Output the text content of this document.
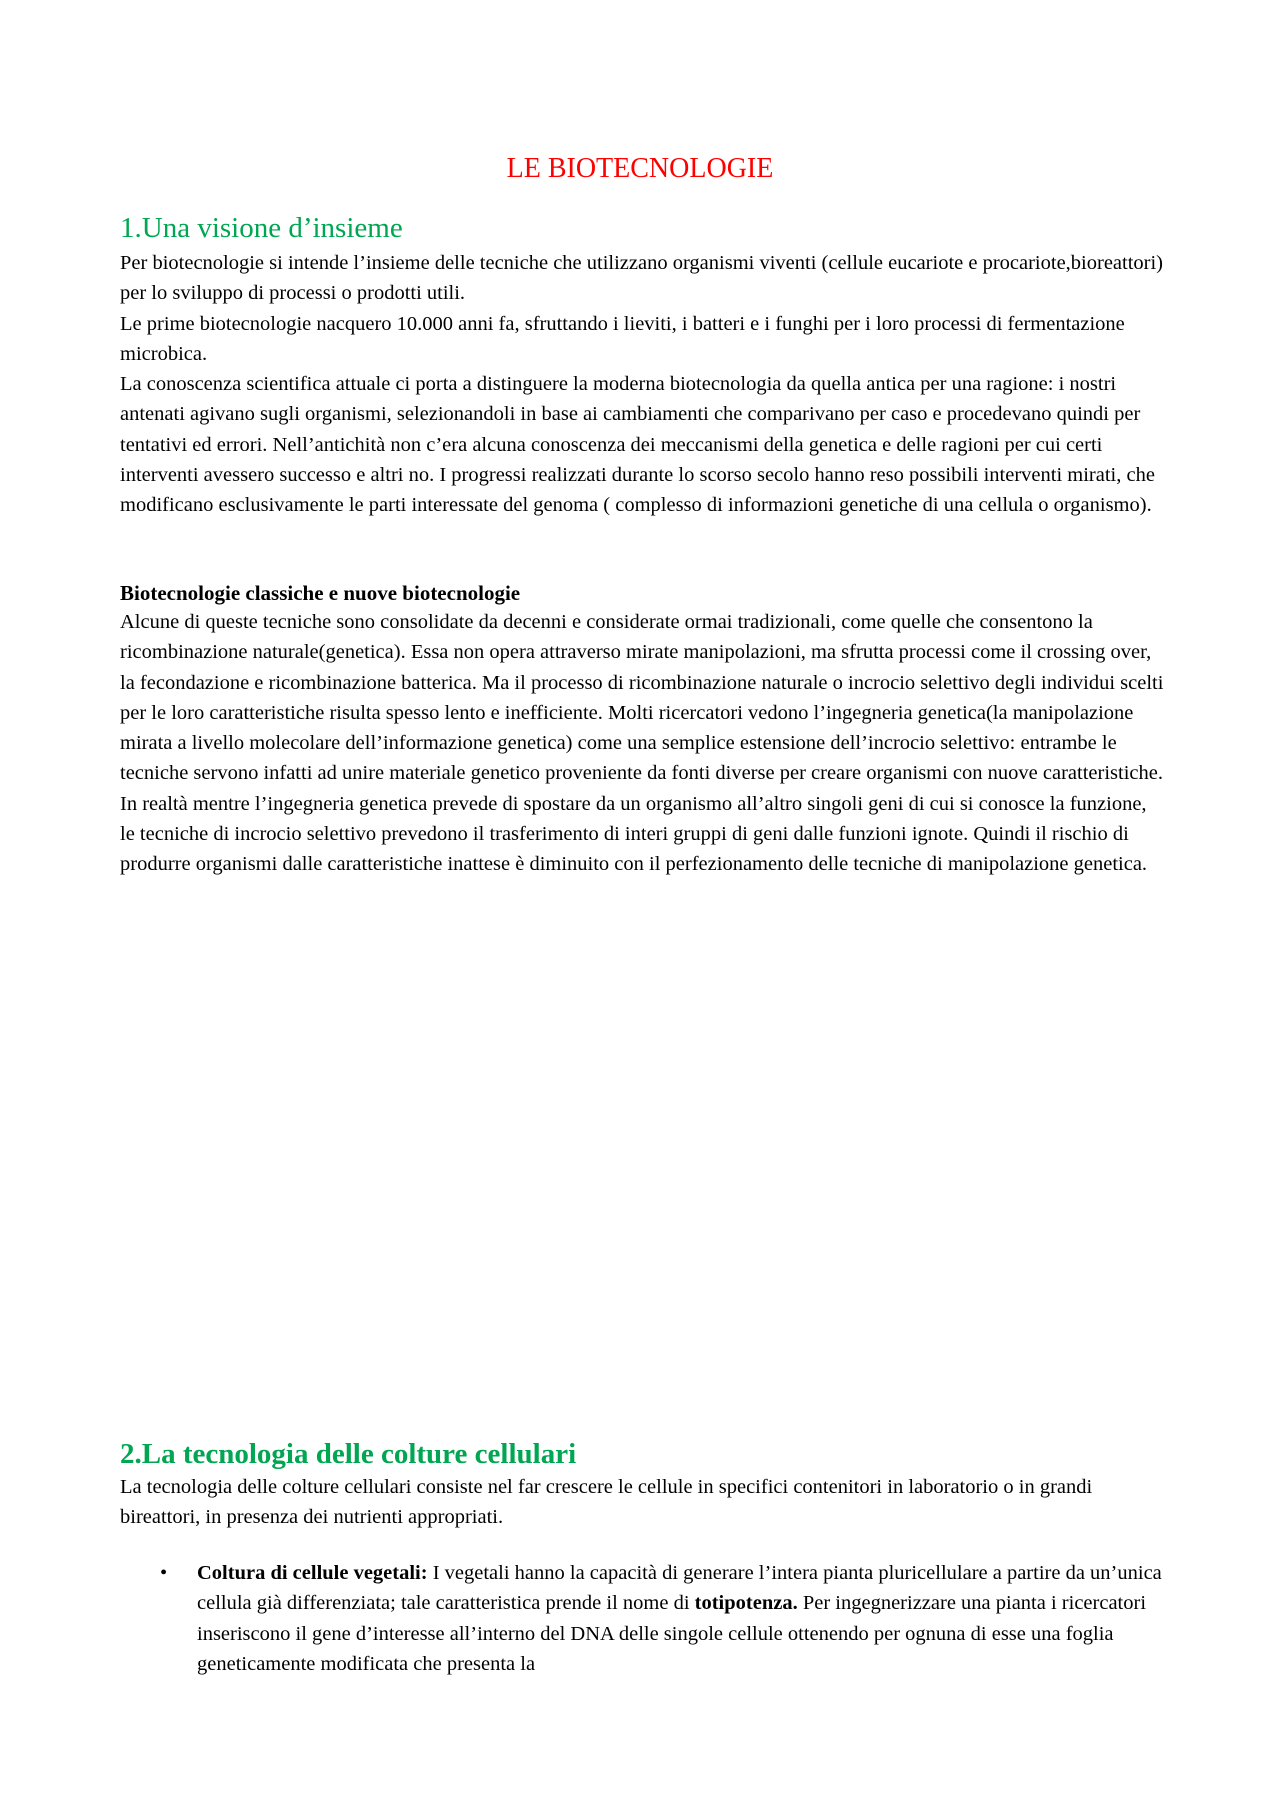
LE BIOTECNOLOGIE
1.Una visione d’insieme

Per biotecnologie si intende l’insieme delle tecniche che utilizzano organismi viventi (cellule eucariote e procariote,bioreattori) per lo sviluppo di processi o prodotti utili.

Le prime biotecnologie nacquero 10.000 anni fa, sfruttando i lieviti, i batteri e i funghi per i loro processi di fermentazione microbica.

La conoscenza scientifica attuale ci porta a distinguere la moderna biotecnologia da quella antica per una ragione: i nostri antenati agivano sugli organismi, selezionandoli in base ai cambiamenti che comparivano per caso e procedevano quindi per tentativi ed errori. Nell’antichità non c’era alcuna conoscenza dei meccanismi della genetica e delle ragioni per cui certi interventi avessero successo e altri no. I progressi realizzati durante lo scorso secolo hanno reso possibili interventi mirati, che modificano esclusivamente le parti interessate del genoma ( complesso di informazioni genetiche di una cellula o organismo).

Biotecnologie classiche e nuove biotecnologie

Alcune di queste tecniche sono consolidate da decenni e considerate ormai tradizionali, come quelle che consentono la ricombinazione naturale(genetica). Essa non opera attraverso mirate manipolazioni, ma sfrutta processi come il crossing over, la fecondazione e ricombinazione batterica. Ma il processo di ricombinazione naturale o incrocio selettivo degli individui scelti per le loro caratteristiche risulta spesso lento e inefficiente. Molti ricercatori vedono l’ingegneria genetica(la manipolazione mirata a livello molecolare dell’informazione genetica) come una semplice estensione dell’incrocio selettivo: entrambe le tecniche servono infatti ad unire materiale genetico proveniente da fonti diverse per creare organismi con nuove caratteristiche. In realtà mentre l’ingegneria genetica prevede di spostare da un organismo all’altro singoli geni di cui si conosce la funzione, le tecniche di incrocio selettivo prevedono il trasferimento di interi gruppi di geni dalle funzioni ignote. Quindi il rischio di produrre organismi dalle caratteristiche inattese è diminuito con il perfezionamento delle tecniche di manipolazione genetica.

2.La tecnologia delle colture cellulari

La tecnologia delle colture cellulari consiste nel far crescere le cellule in specifici contenitori in laboratorio o in grandi bireattori, in presenza dei nutrienti appropriati.

• Coltura di cellule vegetali: I vegetali hanno la capacità di generare l’intera pianta pluricellulare a partire da un’unica cellula già differenziata; tale caratteristica prende il nome di totipotenza. Per ingegnerizzare una pianta i ricercatori inseriscono il gene d’interesse all’interno del DNA delle singole cellule ottenendo per ognuna di esse una foglia geneticamente modificata che presenta la
